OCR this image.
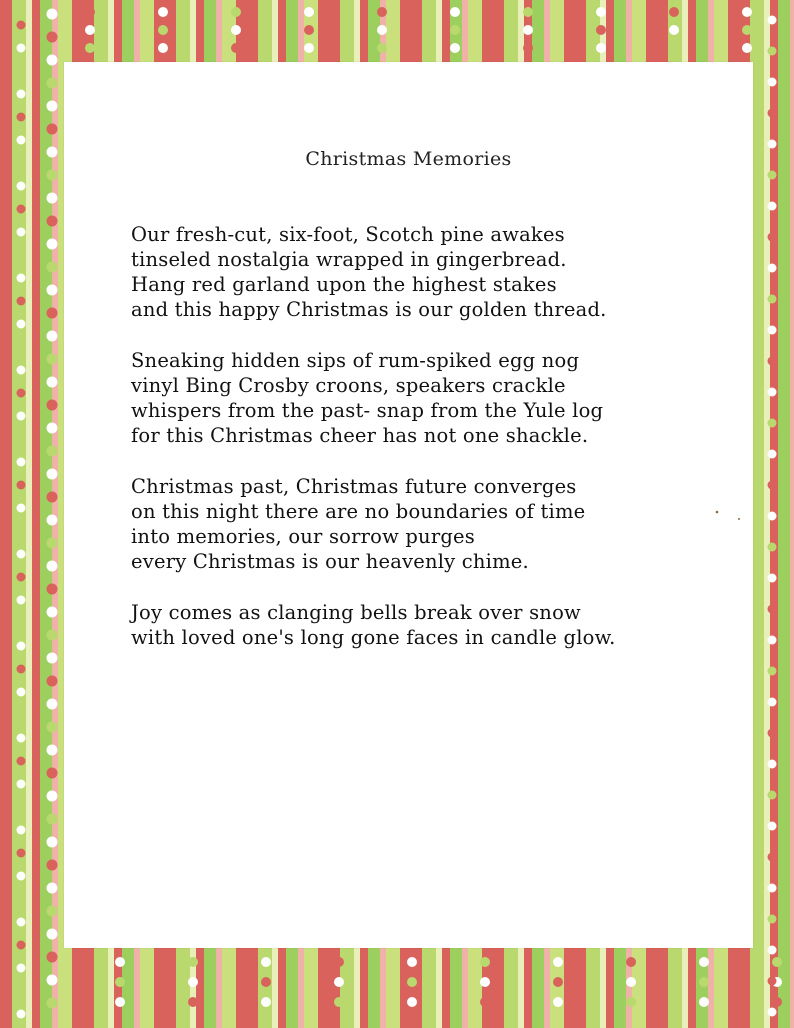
Christmas Memories
Our fresh-cut, six-foot, Scotch pine awakes
tinseled nostalgia wrapped in gingerbread.
Hang red garland upon the highest stakes
and this happy Christmas is our golden thread.
Sneaking hidden sips of rum-spiked egg nog
vinyl Bing Crosby croons, speakers crackle
whispers from the past- snap from the Yule log
for this Christmas cheer has not one shackle.
Christmas past, Christmas future converges
on this night there are no boundaries of time
into memories, our sorrow purges
every Christmas is our heavenly chime.
Joy comes as clanging bells break over snow
with loved one's long gone faces in candle glow.
